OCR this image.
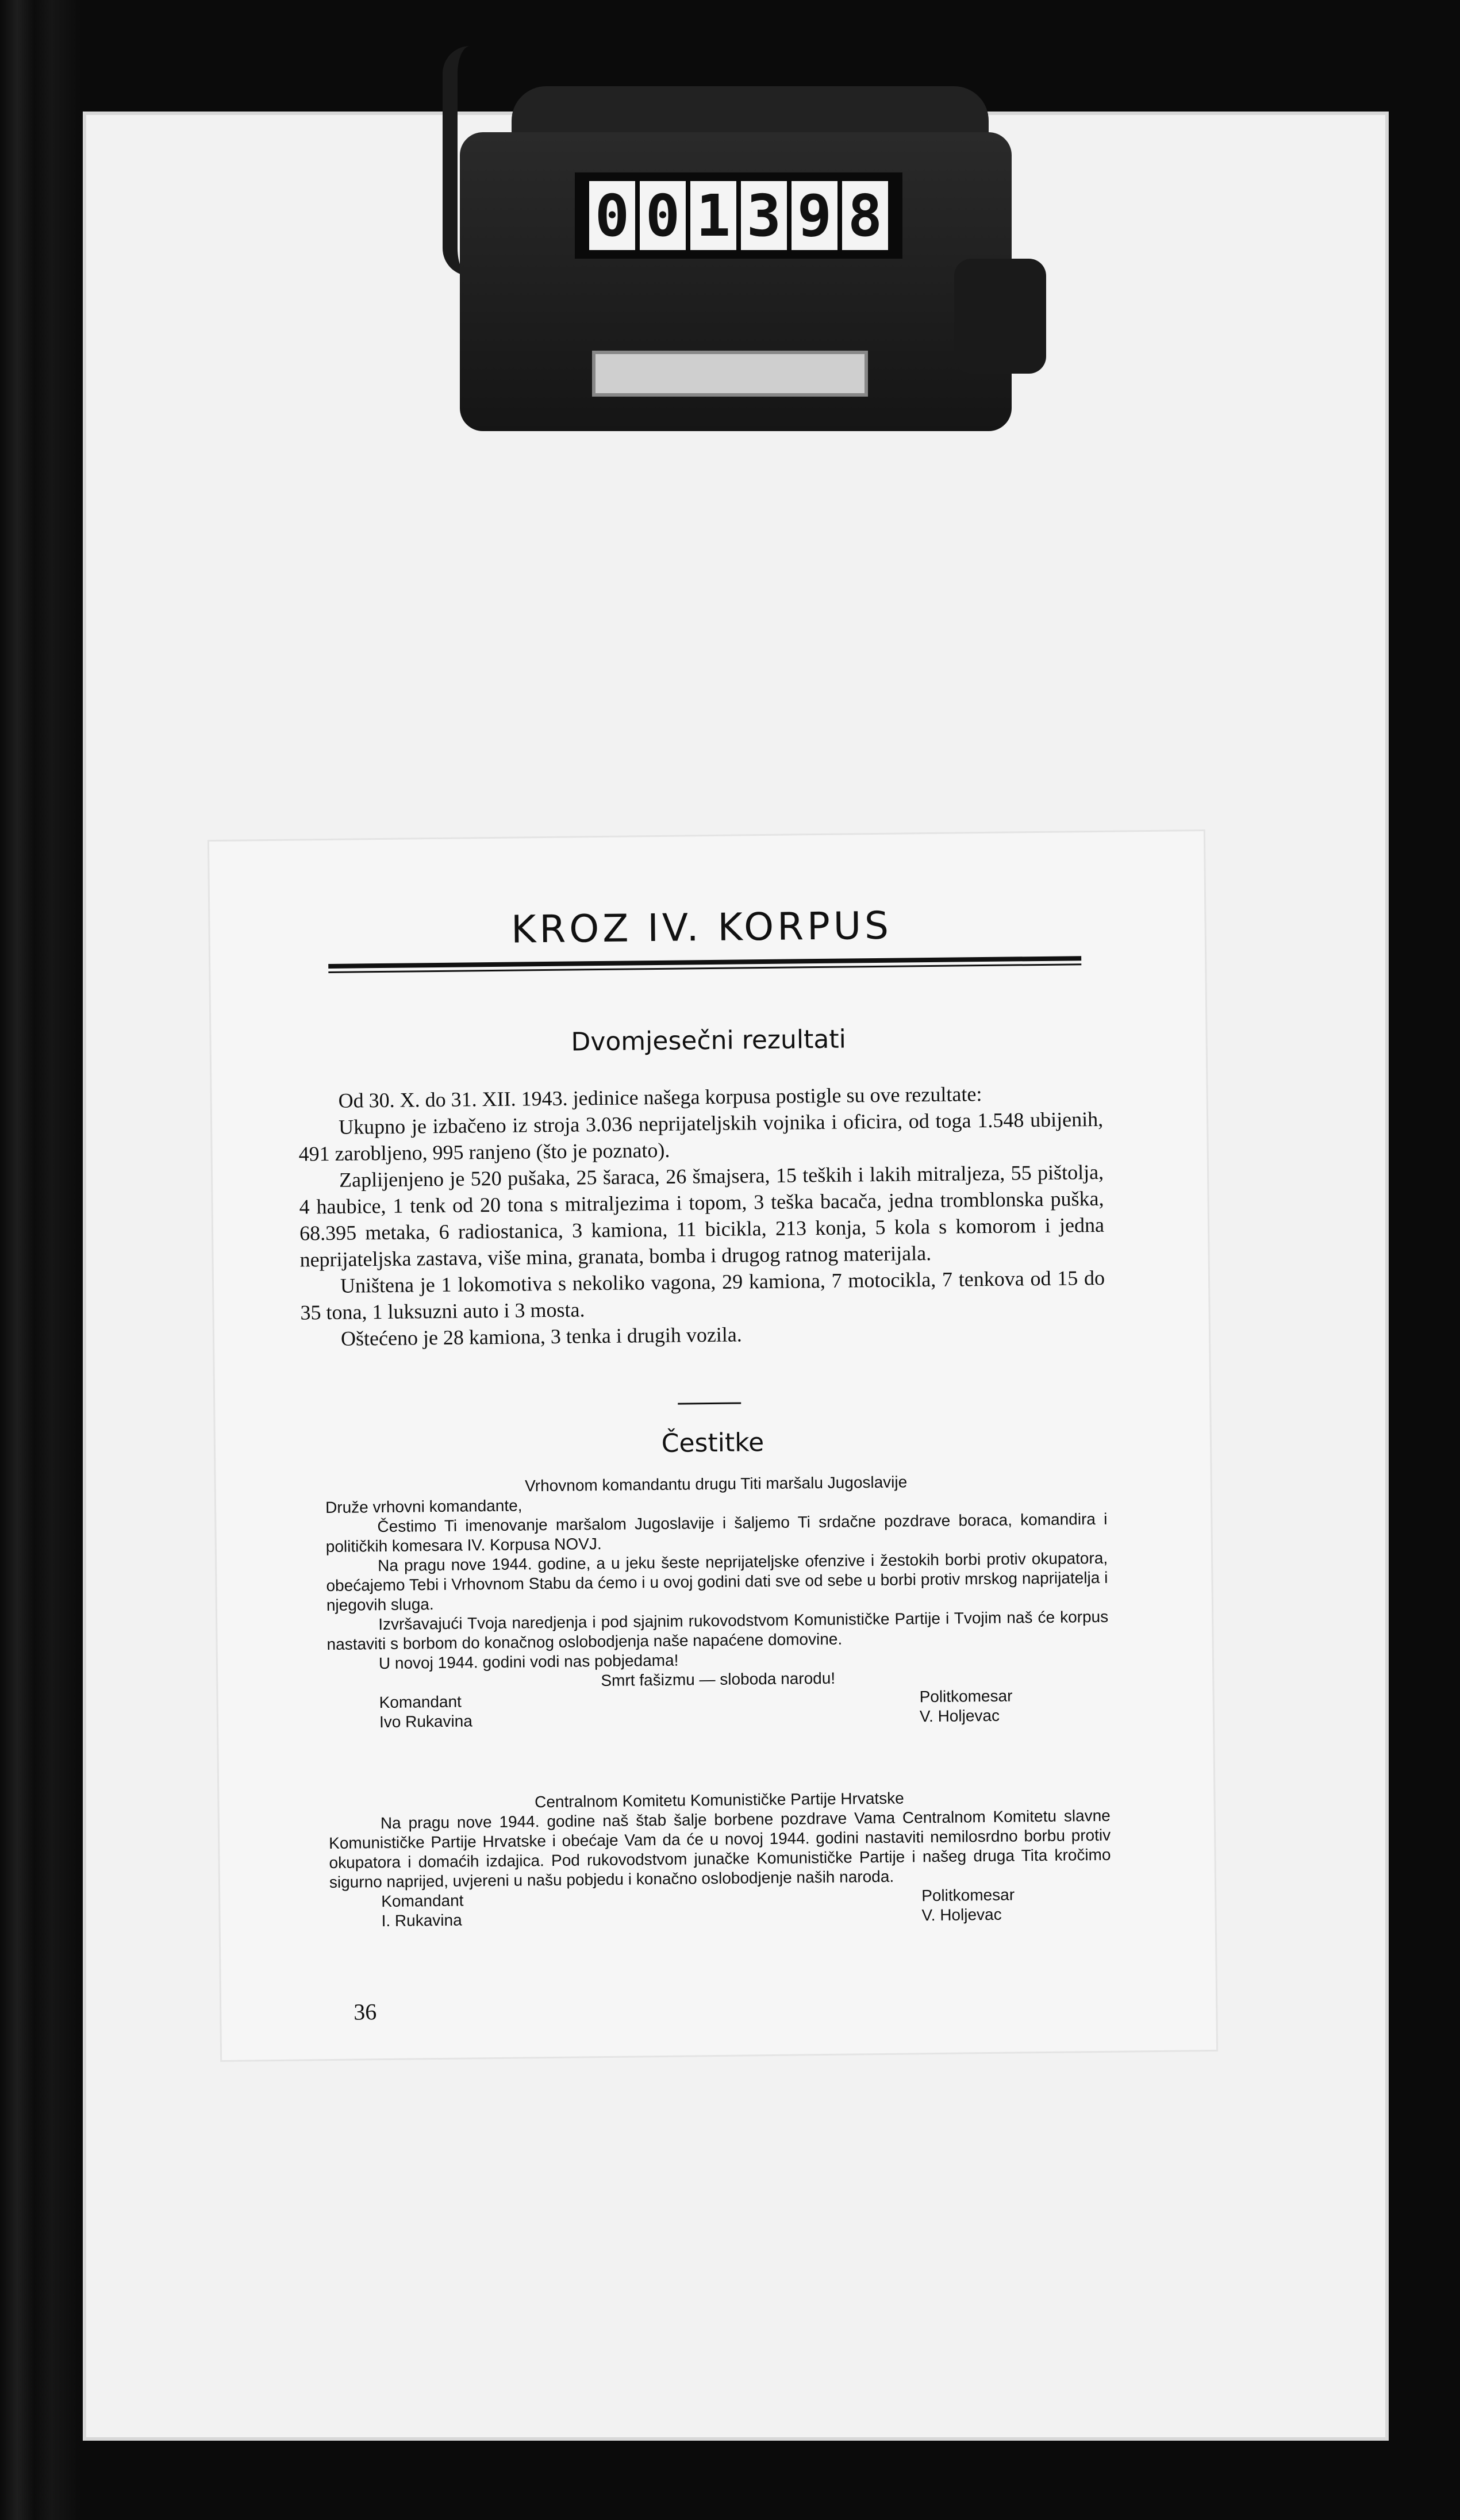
0 0 1 3 9 8
KROZ IV. KORPUS
Dvomjesečni rezultati

Od 30. X. do 31. XII. 1943. jedinice našega korpusa postigle su ove rezultate:

Ukupno je izbačeno iz stroja 3.036 neprijateljskih vojnika i oficira, od toga 1.548 ubijenih, 491 zarobljeno, 995 ranjeno (što je poznato).

Zaplijenjeno je 520 pušaka, 25 šaraca, 26 šmajsera, 15 teških i lakih mitraljeza, 55 pištolja, 4 haubice, 1 tenk od 20 tona s mitraljezima i topom, 3 teška bacača, jedna tromblonska puška, 68.395 metaka, 6 radiostanica, 3 kamiona, 11 bicikla, 213 konja, 5 kola s komorom i jedna neprijateljska zastava, više mina, granata, bomba i drugog ratnog materijala.

Uništena je 1 lokomotiva s nekoliko vagona, 29 kamiona, 7 motocikla, 7 tenkova od 15 do 35 tona, 1 luksuzni auto i 3 mosta.

Oštećeno je 28 kamiona, 3 tenka i drugih vozila.

Čestitke

Vrhovnom komandantu drugu Titi maršalu Jugoslavije

Druže vrhovni komandante,

Čestimo Ti imenovanje maršalom Jugoslavije i šaljemo Ti srdačne pozdrave boraca, komandira i političkih komesara IV. Korpusa NOVJ.

Na pragu nove 1944. godine, a u jeku šeste neprijateljske ofenzive i žestokih borbi protiv okupatora, obećajemo Tebi i Vrhovnom Stabu da ćemo i u ovoj godini dati sve od sebe u borbi protiv mrskog naprijatelja i njegovih sluga.

Izvršavajući Tvoja naredjenja i pod sjajnim rukovodstvom Komunističke Partije i Tvojim naš će korpus nastaviti s borbom do konačnog oslobodjenja naše napaćene domovine.

U novoj 1944. godini vodi nas pobjedama!

Smrt fašizmu — sloboda narodu!

Komandant
Ivo Rukavina
Politkomesar
V. Holjevac

Centralnom Komitetu Komunističke Partije Hrvatske

Na pragu nove 1944. godine naš štab šalje borbene pozdrave Vama Centralnom Komitetu slavne Komunističke Partije Hrvatske i obećaje Vam da će u novoj 1944. godini nastaviti nemilosrdno borbu protiv okupatora i domaćih izdajica. Pod rukovodstvom junačke Komunističke Partije i našeg druga Tita kročimo sigurno naprijed, uvjereni u našu pobjedu i konačno oslobodjenje naših naroda.

Komandant
I. Rukavina
Politkomesar
V. Holjevac
36
